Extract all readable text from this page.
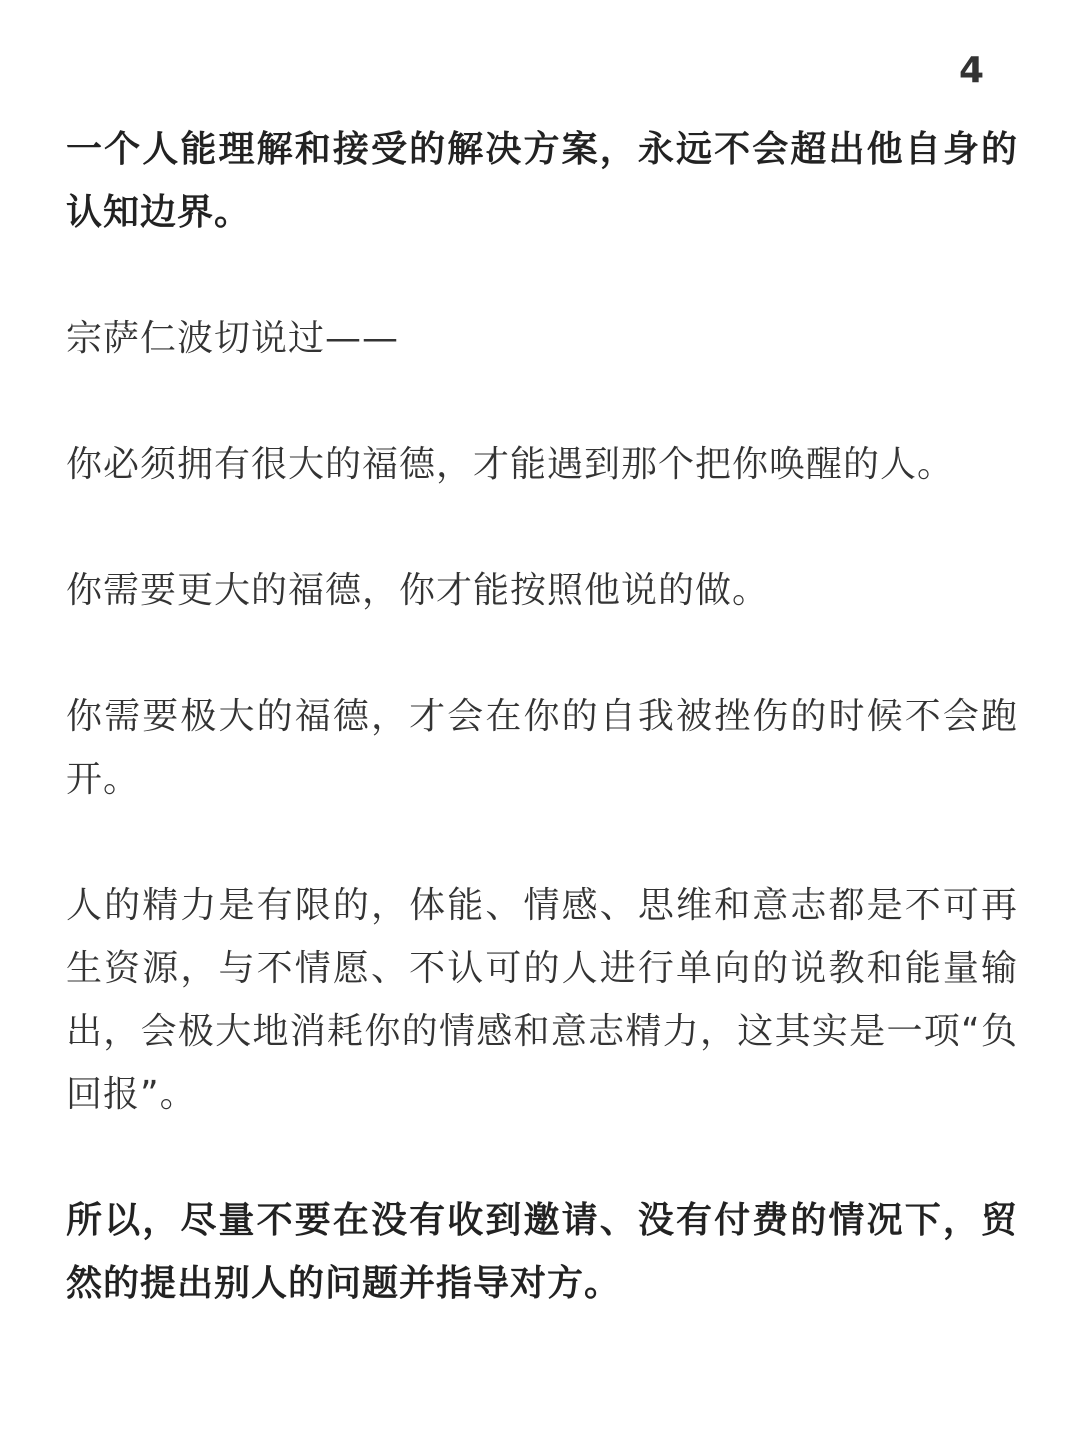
4

一个人能理解和接受的解决方案，永远不会超出他自身的认知边界。

宗萨仁波切说过——

你必须拥有很大的福德，才能遇到那个把你唤醒的人。

你需要更大的福德，你才能按照他说的做。

你需要极大的福德，才会在你的自我被挫伤的时候不会跑开。

人的精力是有限的，体能、情感、思维和意志都是不可再生资源，与不情愿、不认可的人进行单向的说教和能量输出，会极大地消耗你的情感和意志精力，这其实是一项“负回报”。

所以，尽量不要在没有收到邀请、没有付费的情况下，贸然的提出别人的问题并指导对方。
